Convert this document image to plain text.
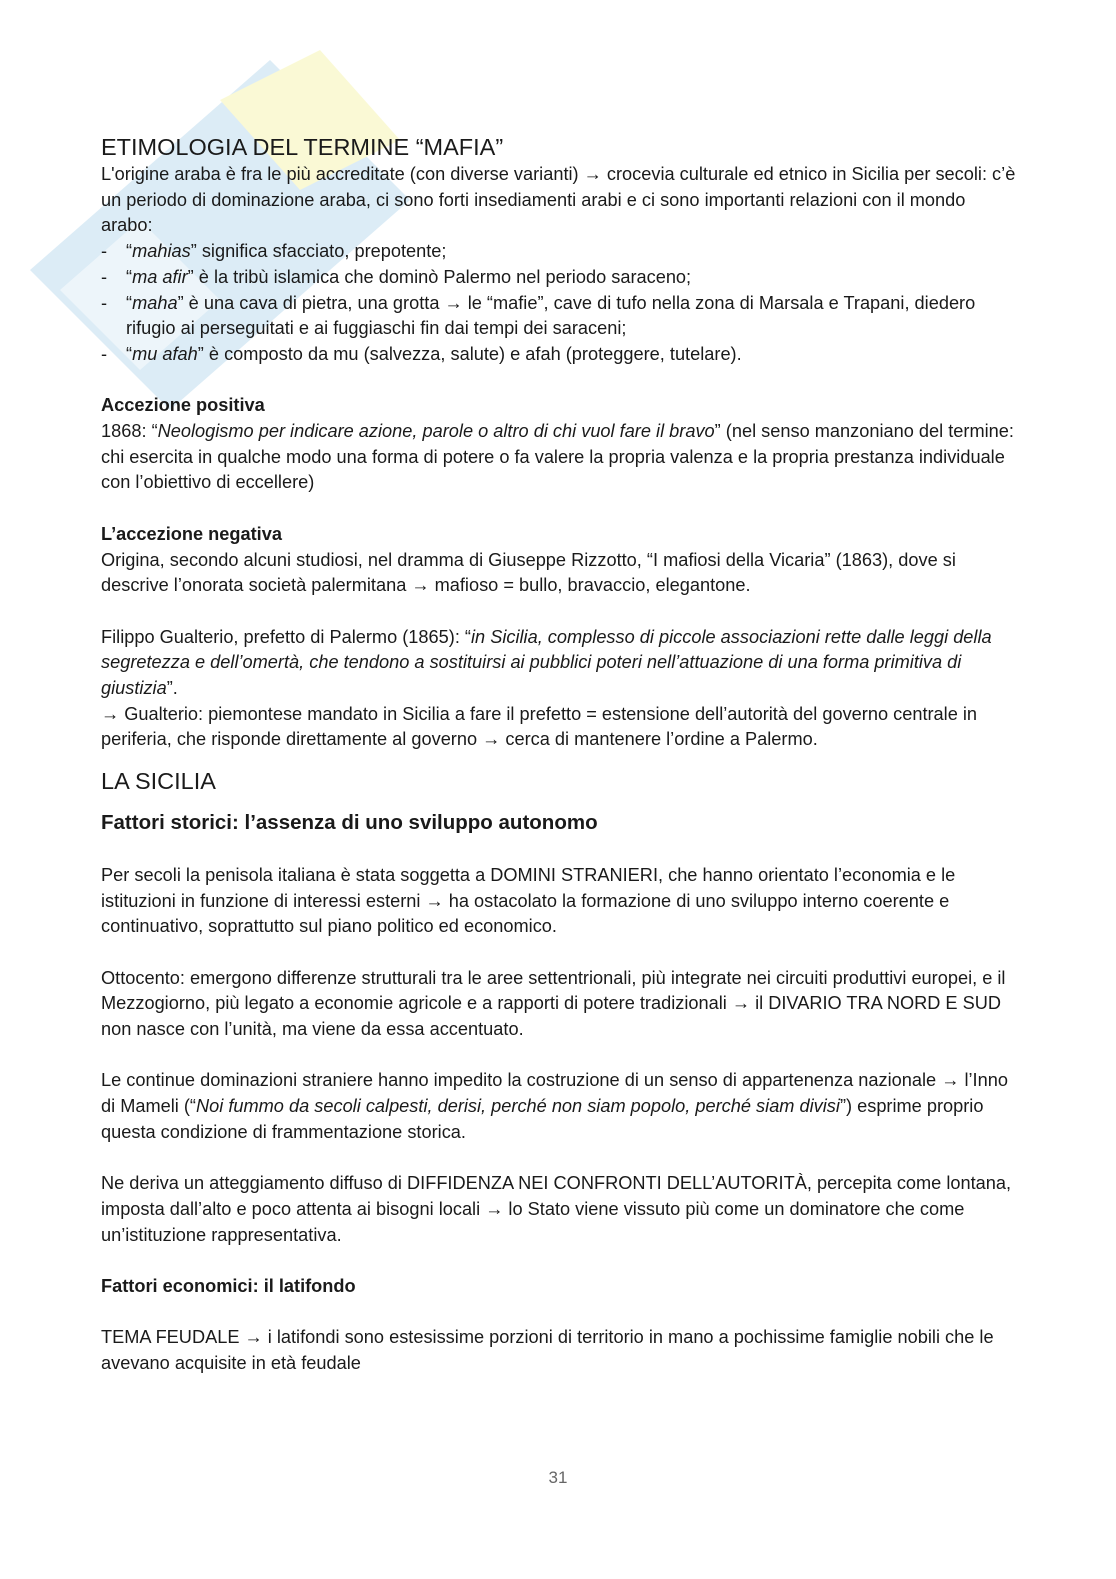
ETIMOLOGIA DEL TERMINE “MAFIA”

L'origine araba è fra le più accreditate (con diverse varianti) → crocevia culturale ed etnico in Sicilia per secoli: c’è un periodo di dominazione araba, ci sono forti insediamenti arabi e ci sono importanti relazioni con il mondo arabo:

- “mahias” significa sfacciato, prepotente;
- “ma afir” è la tribù islamica che dominò Palermo nel periodo saraceno;
- “maha” è una cava di pietra, una grotta → le “mafie”, cave di tufo nella zona di Marsala e Trapani, diedero rifugio ai perseguitati e ai fuggiaschi fin dai tempi dei saraceni;
- “mu afah” è composto da mu (salvezza, salute) e afah (proteggere, tutelare).
Accezione positiva

1868: “Neologismo per indicare azione, parole o altro di chi vuol fare il bravo” (nel senso manzoniano del termine: chi esercita in qualche modo una forma di potere o fa valere la propria valenza e la propria prestanza individuale con l’obiettivo di eccellere)

L’accezione negativa

Origina, secondo alcuni studiosi, nel dramma di Giuseppe Rizzotto, “I mafiosi della Vicaria” (1863), dove si descrive l’onorata società palermitana → mafioso = bullo, bravaccio, elegantone.

Filippo Gualterio, prefetto di Palermo (1865): “in Sicilia, complesso di piccole associazioni rette dalle leggi della segretezza e dell’omertà, che tendono a sostituirsi ai pubblici poteri nell’attuazione di una forma primitiva di giustizia”.

→ Gualterio: piemontese mandato in Sicilia a fare il prefetto = estensione dell’autorità del governo centrale in periferia, che risponde direttamente al governo → cerca di mantenere l’ordine a Palermo.

LA SICILIA
Fattori storici: l’assenza di uno sviluppo autonomo

Per secoli la penisola italiana è stata soggetta a DOMINI STRANIERI, che hanno orientato l’economia e le istituzioni in funzione di interessi esterni → ha ostacolato la formazione di uno sviluppo interno coerente e continuativo, soprattutto sul piano politico ed economico.

Ottocento: emergono differenze strutturali tra le aree settentrionali, più integrate nei circuiti produttivi europei, e il Mezzogiorno, più legato a economie agricole e a rapporti di potere tradizionali → il DIVARIO TRA NORD E SUD non nasce con l’unità, ma viene da essa accentuato.

Le continue dominazioni straniere hanno impedito la costruzione di un senso di appartenenza nazionale → l’Inno di Mameli (“Noi fummo da secoli calpesti, derisi, perché non siam popolo, perché siam divisi”) esprime proprio questa condizione di frammentazione storica.

Ne deriva un atteggiamento diffuso di DIFFIDENZA NEI CONFRONTI DELL’AUTORITÀ, percepita come lontana, imposta dall’alto e poco attenta ai bisogni locali → lo Stato viene vissuto più come un dominatore che come un’istituzione rappresentativa.

Fattori economici: il latifondo

TEMA FEUDALE → i latifondi sono estesissime porzioni di territorio in mano a pochissime famiglie nobili che le avevano acquisite in età feudale

31
